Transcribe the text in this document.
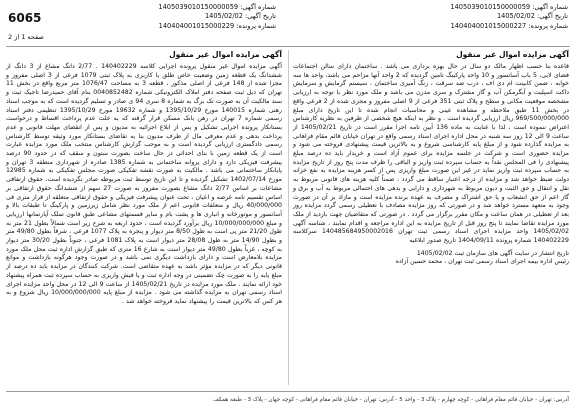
6065
شماره آگهی: 1405039010150000059
تاریخ آگهی: 1405/02/02
شماره پرونده: 140404001015000227
شماره آگهی: 1405039010150000059
تاریخ آگهی: 1405/02/02
شماره پرونده: 140404001015000229
صفحه 1 از 2
آگهی مزایده اموال غیر منقول
قاعده بنا حسب اظهار مالک دو سال در حال بهره برداری می باشد . ساختمان دارای سالن اجتماعات فضای لابی، 5 باب آسانسور و 10 واحد پارکینگ تامین گردیده که 2 واحد آنها مزاحم می باشد، واحد ها سه خوابه ، ضمن کابینت ام دی اف ، درب ضد سرقت ، رنگ آمیزی ساختمان ، سیستم گرمایش و سرمایش داکت اسپلیت و آبگرمکن آب و گاز مشترک و سری مدرن می باشد و ملک مورد نظر با توجه به ارزیابی مشخصه موقعیت مکانی و سطح و پلاک ثبتی 351 فرعی از 9 اصلی مفروز و مجزی شده از 2 فرعی واقع در بخش 11 طبق ملاحظه و مشاهده عینی و محاسبات انجام شده تا این تاریخ دارای مبلغ 969/500/000/000 ریال ارزیابی گردیده است . و نظر به اینکه هیچ شخصی از طرفین به نظریه کارشناس اعتراض ننموده است ، لذا با عنایت به ماده 136 آیین نامه اجرا مقرر است در تاریخ 1405/02/21 از ساعت 9 الی 12 روز سه شنبه در محل اداره اجرای اسناد رسمی واقع در تهران خیابان قائم مقام فراهانی به مزایده گذارده شود و از مبلغ پایه کارشناسی شروع و به بالاترین قیمت پیشنهادی فروخته می شود و مزایده حضوری است و شرکت در جلسه مزایده برای عموم آزاد است و خریدار باید ده درصد مبلغ پیشنهادی را فی المجلس نقداً به حساب سپرده ثبت واریز و الباقی را ظرف مدت پنج روز از تاریخ مزایده به حساب سپرده ثبت واریز نماید در غیر این صورت مبلغ واریزی پس از کسر هزینه مزایده به نفع خزانه دولت ضبط خواهد شد و مزایده از درجه اعتبار ساقط می گردد . ضمناً کلیه هزینه های قانونی مربوط به نقل و انتقال و حق الثبت و دیون مربوط به شهرداری و دارایی و بدهی های احتمالی مربوط به آب و برق و گاز اعم از حق انشعاب و یا حق اشتراک و مصرف به عهده برنده مزایده است و مازاد بر آن در صورت وجود به متعهد مسترد خواهد شد و در صورتی که روز مزایده مصادف با تعطیلی رسمی گردد مزایده روز بعد از تعطیلی در همان ساعت و مکان مقرر برگزار می گردد . در صورتی که متقاضیان جهت بازدید از ملک مورد مزایده تقاضا نمایند تا پنج روز قبل از تاریخ مزایده به این اداره مراجعه و اقدام نمایند ، شناسه آگهی 1405/02/02 واحد مزایده اجرای اسناد رسمی ثبت تهران 140485684950002016 سرکلاسه 140402229 شماره پرونده 1404/09/11 تاریخ صدور ابلاغیه
تاریخ انتشار در سایت آگهی های سازمان ثبت 1405/02/02
رئیس اداره بیمه اجرای اسناد رسمی ثبت تهران ، محمد حسین آزاده
آگهی مزایده اموال غیر منقول
آگهی مزایده اموال غیر منقول پرونده اجرایی کلاسه 140402229 . 2/77 دانگ مشاع از 3 دانگ از ششدانگ یک قطعه زمین وضعیت خاص طلق با کاربری به پلاک ثبتی 1079 فرعی از 3 اصلی مفروز و مجزا شده از 148 فرعی از اصلی مذکور ، قطعه 3 به مساحت 1076/47 متر مربع واقع در بخش 11 تهران که ذیل ثبت صفحه دفتر املاک الکترونیکی شماره 0040852482 بنام آقای حمیدرضا تاجیک ثبت و سند مالکیت آن به صورت تک برگ به شماره 8 سری 94 ی صادر و تسلیم گردیده است که به موجب اسناد رهنی شماره 140015 مورخ 1395/10/29 و شماره 19632 مورخ 1395/10/29 تنظیمی دفتر اسناد رسمی شماره 7 تهران در رهن بانک مسکن قرار گرفته که به علت عدم پرداخت اقساط و درخواست بستانکار پرونده اجرایی تشکیل و پس از ابلاغ اجرائیه به مدیون و پس از انقضای مهلت قانونی و عدم پرداخت بدهی و عدم معرفی مال از طرف مدیون بنا به تقاضای بستانکار مورد وثیقه توسط کارشناس رسمی دادگستری ارزیابی گردیده است و به موجب گزارش کارشناس منتخب ملک مورد مزایده عبارت است از یک قطعه زمین با بنای احداثی در حال ساخت بصورت ستون و سقف که در حدود 90 درصد پیشرفت فیزیکی دارد و دارای پروانه ساختمانی به شماره 1385 صادره از شهرداری منطقه 3 تهران و پایانکار ساختمانی می باشد . مالکیت به صورت نقشه تفکیکی صورت مجلس تفکیکی به شماره 12985 مورخ 1402/07/14 تشکیل گردیده و تا این تاریخ توسط ثبت مربوطه صادر نگردیده است، حقوق ارتفاقی مشاعات بر اساس 2/77 دانگ مشاع بصورت مفروز به صورت 27 سهم از ششدانگ حقوق ارتفاقی بر اساس تقسیم نامه عرصه و اعیان ، تحت عنوان پیشرفت فیزیکی و حقوق ارتفاقی متعلقه از قرار متری فی 40/000/000 ریال و متعلقات قانونی اعم از ملک مورد نظر شامل زیرزمین و پارکینگ تا طبقات بالا و آسانسور و موتورخانه و انباری ها و پشت بام و سایر قسمتهای مشاعی طبق قانون تملک آپارتمانها ارزیابی و مبلغ 10/000/000/000 ریال برآورد گردیده است ، حدود اربعه به شرح زیر است شمالاً بطول 21 متر به طول 21/20 متر پی است به طول 8/50 متر دیوار و پنجره به پلاک 1077 فرعی ، شرقاً بطول 49/80 متر و بطول 14/90 متر به طول 28/08 متر دیوار است به پلاک 1081 فرعی ، جنوباً بطول 30/20 متر دیوار به کوچه ، غرباً بطول 49/80 متر دیوار است به شارع 16 متری که طبق گزارش اداره ثبت محل ملک مورد مزایده بلامعارض است و دارای بازداشت دیگری نمی باشد و در صورت وجود هرگونه بازداشت و موانع قانونی دیگر که در مزایده مؤثر باشد به عهده متقاضی است. شرکت کنندگان در مزایده باید ده درصد از مبلغ پایه را به صورت چک تضمینی در وجه اداره ثبت و یا فیش واریزی به حساب سپرده ثبت همراه پیشنهاد خود ارائه نمایند . ملک مورد مزایده در تاریخ 1405/02/21 از ساعت 9 الی 12 در محل واحد مزایده اجرای اسناد رسمی تهران به مزایده گذاشته می شود . مزایده از مبلغ پایه 10/000/000/000 ریال شروع و به هر کس که بالاترین قیمت را پیشنهاد نماید فروخته خواهد شد .
آدرس: تهران - خیابان قائم مقام فراهانی - کوچه چهارم - پلاک 3 - واحد 5 - آدرس: تهران - خیابان قائم مقام فراهانی - کوچه جهان - پلاک 3 - طبقه همکف
